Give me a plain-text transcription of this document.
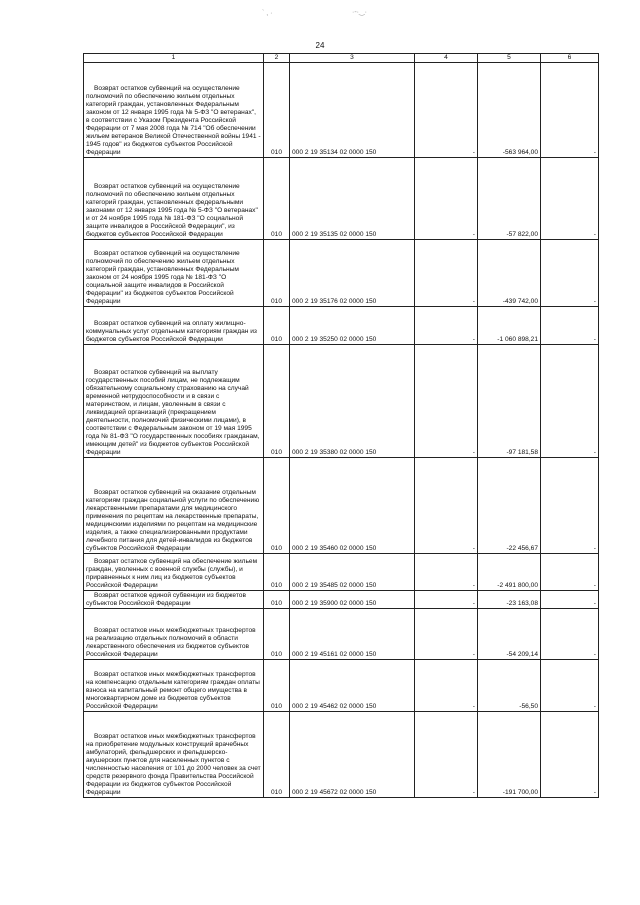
` , ·	·-·‿·
24
1	2	3	4	5	6
Возврат остатков субвенций на осуществление полномочий по обеспечению жильем отдельных категорий граждан, установленных Федеральным законом от 12 января 1995 года № 5-ФЗ "О ветеранах", в соответствии с Указом Президента Российской Федерации от 7 мая 2008 года № 714 "Об обеспечении жильем ветеранов Великой Отечественной войны 1941 - 1945 годов" из бюджетов субъектов Российской Федерации	010	000 2 19 35134 02 0000 150	-	-563 964,00	-
Возврат остатков субвенций на осуществление полномочий по обеспечению жильем отдельных категорий граждан, установленных федеральными законами от 12 января 1995 года № 5-ФЗ "О ветеранах" и от 24 ноября 1995 года № 181-ФЗ "О социальной защите инвалидов в Российской Федерации", из бюджетов субъектов Российской Федерации	010	000 2 19 35135 02 0000 150	-	-57 822,00	-
Возврат остатков субвенций на осуществление полномочий по обеспечению жильем отдельных категорий граждан, установленных Федеральным законом от 24 ноября 1995 года № 181-ФЗ "О социальной защите инвалидов в Российской Федерации" из бюджетов субъектов Российской Федерации	010	000 2 19 35176 02 0000 150	-	-439 742,00	-
Возврат остатков субвенций на оплату жилищно-коммунальных услуг отдельным категориям граждан из бюджетов субъектов Российской Федерации	010	000 2 19 35250 02 0000 150	-	-1 060 898,21	-
Возврат остатков субвенций на выплату государственных пособий лицам, не подлежащим обязательному социальному страхованию на случай временной нетрудоспособности и в связи с материнством, и лицам, уволенным в связи с ликвидацией организаций (прекращением деятельности, полномочий физическими лицами), в соответствии с Федеральным законом от 19 мая 1995 года № 81-ФЗ "О государственных пособиях гражданам, имеющим детей" из бюджетов субъектов Российской Федерации	010	000 2 19 35380 02 0000 150	-	-97 181,58	-
Возврат остатков субвенций на оказание отдельным категориям граждан социальной услуги по обеспечению лекарственными препаратами для медицинского применения по рецептам на лекарственные препараты, медицинскими изделиями по рецептам на медицинские изделия, а также специализированными продуктами лечебного питания для детей-инвалидов из бюджетов субъектов Российской Федерации	010	000 2 19 35460 02 0000 150	-	-22 456,67	-
Возврат остатков субвенций на обеспечение жильем граждан, уволенных с военной службы (службы), и приравненных к ним лиц из бюджетов субъектов Российской Федерации	010	000 2 19 35485 02 0000 150	-	-2 491 800,00	-
Возврат остатков единой субвенции из бюджетов субъектов Российской Федерации	010	000 2 19 35900 02 0000 150	-	-23 163,08	-
Возврат остатков иных межбюджетных трансфертов на реализацию отдельных полномочий в области лекарственного обеспечения из бюджетов субъектов Российской Федерации	010	000 2 19 45161 02 0000 150	-	-54 209,14	-
Возврат остатков иных межбюджетных трансфертов на компенсацию отдельным категориям граждан оплаты взноса на капитальный ремонт общего имущества в многоквартирном доме из бюджетов субъектов Российской Федерации	010	000 2 19 45462 02 0000 150	-	-56,50	-
Возврат остатков иных межбюджетных трансфертов на приобретение модульных конструкций врачебных амбулаторий, фельдшерских и фельдшерско-акушерских пунктов для населенных пунктов с численностью населения от 101 до 2000 человек за счет средств резервного фонда Правительства Российской Федерации из бюджетов субъектов Российской Федерации	010	000 2 19 45672 02 0000 150	-	-191 700,00	-
